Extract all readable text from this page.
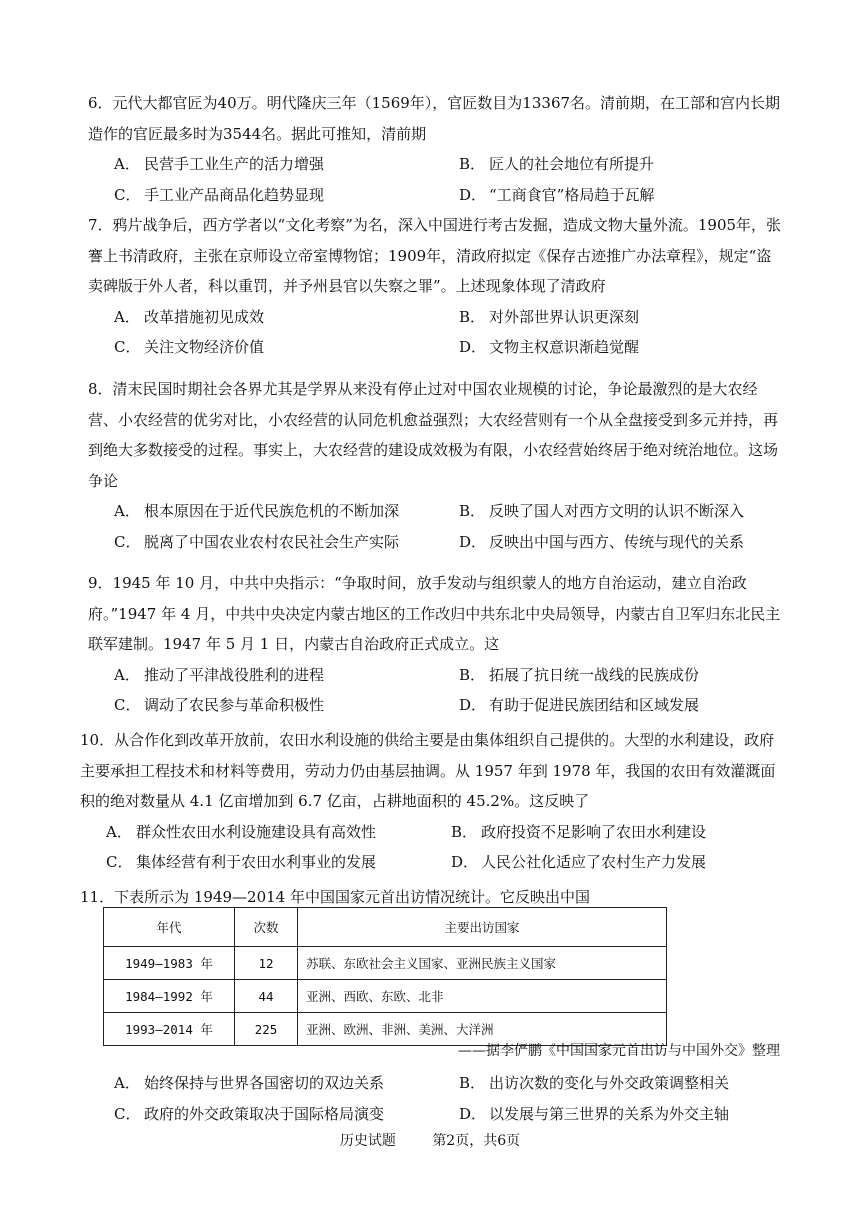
6．元代大都官匠为40万。明代隆庆三年（1569年），官匠数目为13367名。清前期，在工部和宫内长期造作的官匠最多时为3544名。据此可推知，清前期

A． 民营手工业生产的活力增强	B． 匠人的社会地位有所提升
C． 手工业产品商品化趋势显现	D． “工商食官”格局趋于瓦解

7．鸦片战争后，西方学者以“文化考察”为名，深入中国进行考古发掘，造成文物大量外流。1905年，张謇上书清政府，主张在京师设立帝室博物馆；1909年，清政府拟定《保存古迹推广办法章程》，规定“盗卖碑版于外人者，科以重罚，并予州县官以失察之罪”。上述现象体现了清政府

A． 改革措施初见成效	B． 对外部世界认识更深刻
C． 关注文物经济价值	D． 文物主权意识渐趋觉醒

8．清末民国时期社会各界尤其是学界从来没有停止过对中国农业规模的讨论，争论最激烈的是大农经营、小农经营的优劣对比，小农经营的认同危机愈益强烈；大农经营则有一个从全盘接受到多元并持，再到绝大多数接受的过程。事实上，大农经营的建设成效极为有限，小农经营始终居于绝对统治地位。这场争论

A． 根本原因在于近代民族危机的不断加深	B． 反映了国人对西方文明的认识不断深入
C． 脱离了中国农业农村农民社会生产实际	D． 反映出中国与西方、传统与现代的关系

9．1945 年 10 月，中共中央指示：“争取时间，放手发动与组织蒙人的地方自治运动，建立自治政府。”1947 年 4 月，中共中央决定内蒙古地区的工作改归中共东北中央局领导，内蒙古自卫军归东北民主联军建制。1947 年 5 月 1 日，内蒙古自治政府正式成立。这

A． 推动了平津战役胜利的进程	B． 拓展了抗日统一战线的民族成份
C． 调动了农民参与革命积极性	D． 有助于促进民族团结和区域发展

10．从合作化到改革开放前，农田水利设施的供给主要是由集体组织自己提供的。大型的水利建设，政府主要承担工程技术和材料等费用，劳动力仍由基层抽调。从 1957 年到 1978 年，我国的农田有效灌溉面积的绝对数量从 4.1 亿亩增加到 6.7 亿亩，占耕地面积的 45.2%。这反映了

A． 群众性农田水利设施建设具有高效性	B． 政府投资不足影响了农田水利建设
C． 集体经营有利于农田水利事业的发展	D． 人民公社化适应了农村生产力发展

11．下表所示为 1949—2014 年中国国家元首出访情况统计。它反映出中国

年代	次数	主要出访国家
1949—1983 年	12	苏联、东欧社会主义国家、亚洲民族主义国家
1984—1992 年	44	亚洲、西欧、东欧、北非
1993—2014 年	225	亚洲、欧洲、非洲、美洲、大洋洲
——据李俨鹏《中国国家元首出访与中国外交》整理
A． 始终保持与世界各国密切的双边关系	B． 出访次数的变化与外交政策调整相关
C． 政府的外交政策取决于国际格局演变	D． 以发展与第三世界的关系为外交主轴
历史试题	第2页，共6页
